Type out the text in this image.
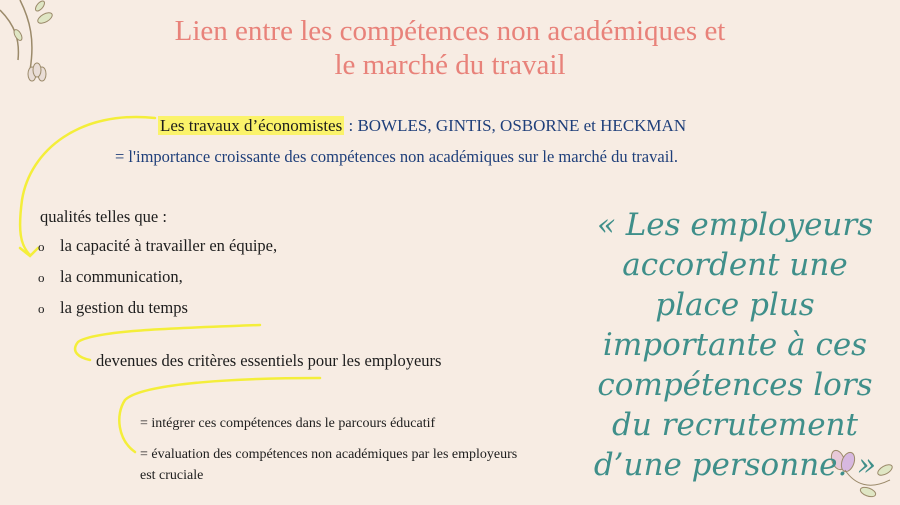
Lien entre les compétences non académiques et
le marché du travail
Les travaux d’économistes : BOWLES, GINTIS, OSBORNE et HECKMAN
= l'importance croissante des compétences non académiques sur le marché du travail.
qualités telles que :
o la capacité à travailler en équipe,
o la communication,
o la gestion du temps
devenues des critères essentiels pour les employeurs
= intégrer ces compétences dans le parcours éducatif
= évaluation des compétences non académiques par les employeurs est cruciale
« Les employeurs accordent une place plus importante à ces compétences lors du recrutement d’une personne. »
